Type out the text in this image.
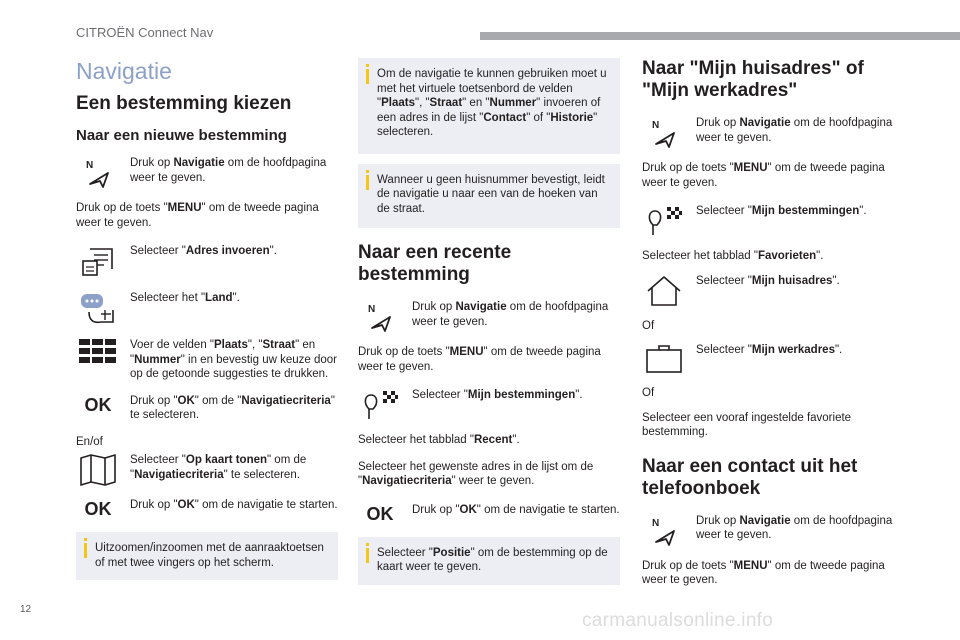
CITROËN Connect Nav
Navigatie
Een bestemming kiezen
Naar een nieuwe bestemming
N	Druk op Navigatie om de hoofdpagina weer te geven.

Druk op de toets "MENU" om de tweede pagina weer te geven.

Selecteer "Adres invoeren".

Selecteer het "Land".

Voer de velden "Plaats", "Straat" en "Nummer" in en bevestig uw keuze door op de getoonde suggesties te drukken.

OK Druk op "OK" om de "Navigatiecriteria" te selecteren.

En/of

Selecteer "Op kaart tonen" om de "Navigatiecriteria" te selecteren.

OK Druk op "OK" om de navigatie te starten.

Uitzoomen/inzoomen met de aanraaktoetsen of met twee vingers op het scherm.

Om de navigatie te kunnen gebruiken moet u met het virtuele toetsenbord de velden "Plaats", "Straat" en "Nummer" invoeren of een adres in de lijst "Contact" of "Historie" selecteren.

Wanneer u geen huisnummer bevestigt, leidt de navigatie u naar een van de hoeken van de straat.

Naar een recente bestemming
N	Druk op Navigatie om de hoofdpagina weer te geven.

Druk op de toets "MENU" om de tweede pagina weer te geven.

Selecteer "Mijn bestemmingen".

Selecteer het tabblad "Recent".

Selecteer het gewenste adres in de lijst om de "Navigatiecriteria" weer te geven.

OK Druk op "OK" om de navigatie te starten.

Selecteer "Positie" om de bestemming op de kaart weer te geven.

Naar "Mijn huisadres" of "Mijn werkadres"
N	Druk op Navigatie om de hoofdpagina weer te geven.

Druk op de toets "MENU" om de tweede pagina weer te geven.

Selecteer "Mijn bestemmingen".

Selecteer het tabblad "Favorieten".

Selecteer "Mijn huisadres".

Of

Selecteer "Mijn werkadres".

Of

Selecteer een vooraf ingestelde favoriete bestemming.

Naar een contact uit het telefoonboek
N	Druk op Navigatie om de hoofdpagina weer te geven.

Druk op de toets "MENU" om de tweede pagina weer te geven.

12
carmanualsonline.info
